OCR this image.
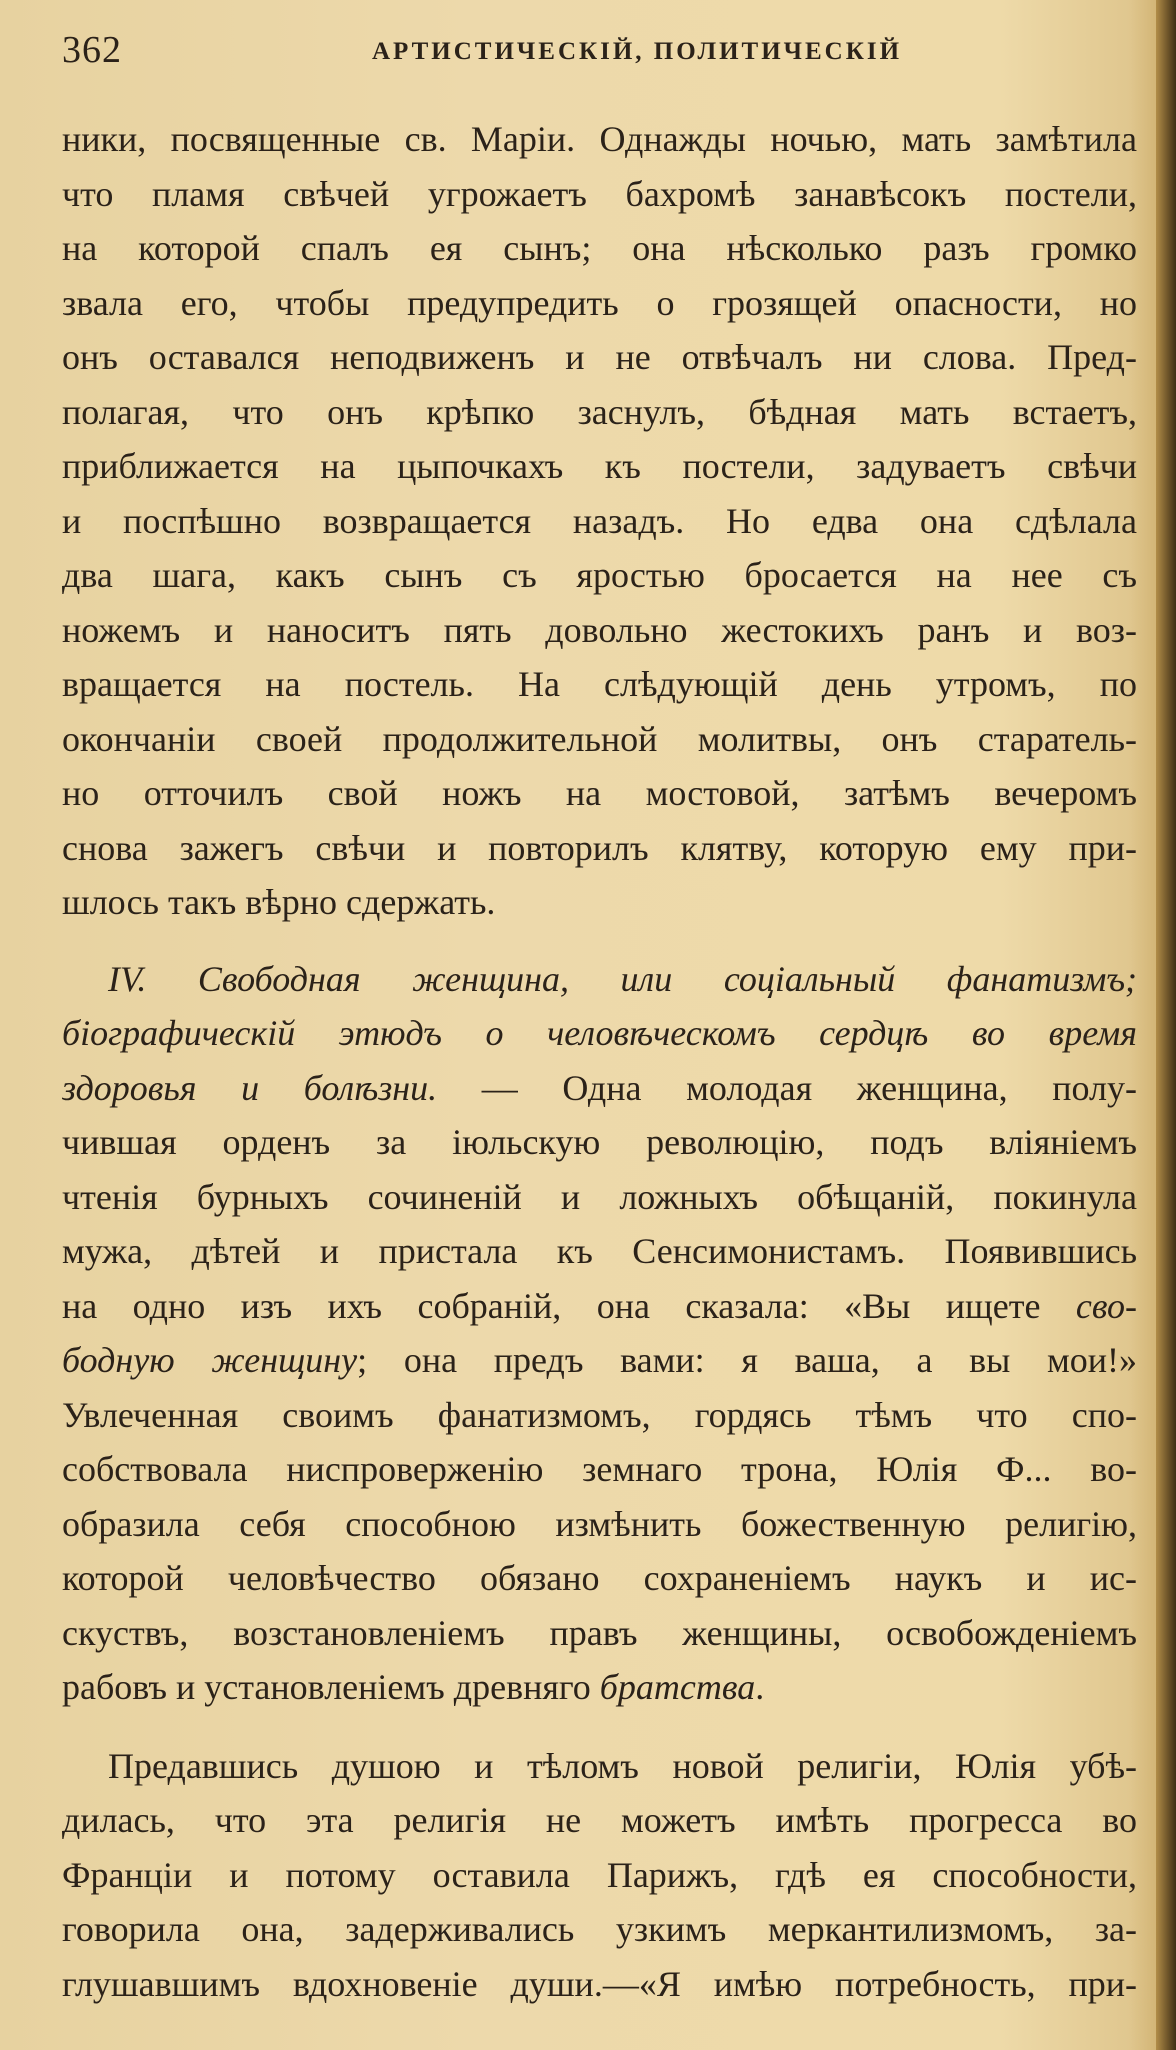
362	АРТИСТИЧЕСКІЙ, ПОЛИТИЧЕСКІЙ
ники, посвященные св. Маріи. Однажды ночью, мать замѣтила
что пламя свѣчей угрожаетъ бахромѣ занавѣсокъ постели,
на которой спалъ ея сынъ; она нѣсколько разъ громко
звала его, чтобы предупредить о грозящей опасности, но
онъ оставался неподвиженъ и не отвѣчалъ ни слова. Пред-
полагая, что онъ крѣпко заснулъ, бѣдная мать встаетъ,
приближается на цыпочкахъ къ постели, задуваетъ свѣчи
и поспѣшно возвращается назадъ. Но едва она сдѣлала
два шага, какъ сынъ съ яростью бросается на нее съ
ножемъ и наноситъ пять довольно жестокихъ ранъ и воз-
вращается на постель. На слѣдующій день утромъ, по
окончаніи своей продолжительной молитвы, онъ старатель-
но отточилъ свой ножъ на мостовой, затѣмъ вечеромъ
снова зажегъ свѣчи и повторилъ клятву, которую ему при-
шлось такъ вѣрно сдержать.
IV. Свободная женщина, или соціальный фанатизмъ;
біографическій этюдъ о человѣческомъ сердцѣ во время
здоровья и болѣзни. — Одна молодая женщина, полу-
чившая орденъ за іюльскую революцію, подъ вліяніемъ
чтенія бурныхъ сочиненій и ложныхъ обѣщаній, покинула
мужа, дѣтей и пристала къ Сенсимонистамъ. Появившись
на одно изъ ихъ собраній, она сказала: «Вы ищете сво-
бодную женщину; она предъ вами: я ваша, а вы мои!»
Увлеченная своимъ фанатизмомъ, гордясь тѣмъ что спо-
собствовала ниспроверженію земнаго трона, Юлія Ф... во-
образила себя способною измѣнить божественную религію,
которой человѣчество обязано сохраненіемъ наукъ и ис-
скуствъ, возстановленіемъ правъ женщины, освобожденіемъ
рабовъ и установленіемъ древняго братства.
Предавшись душою и тѣломъ новой религіи, Юлія убѣ-
дилась, что эта религія не можетъ имѣть прогресса во
Франціи и потому оставила Парижъ, гдѣ ея способности,
говорила она, задерживались узкимъ меркантилизмомъ, за-
глушавшимъ вдохновеніе души.—«Я имѣю потребность, при-
